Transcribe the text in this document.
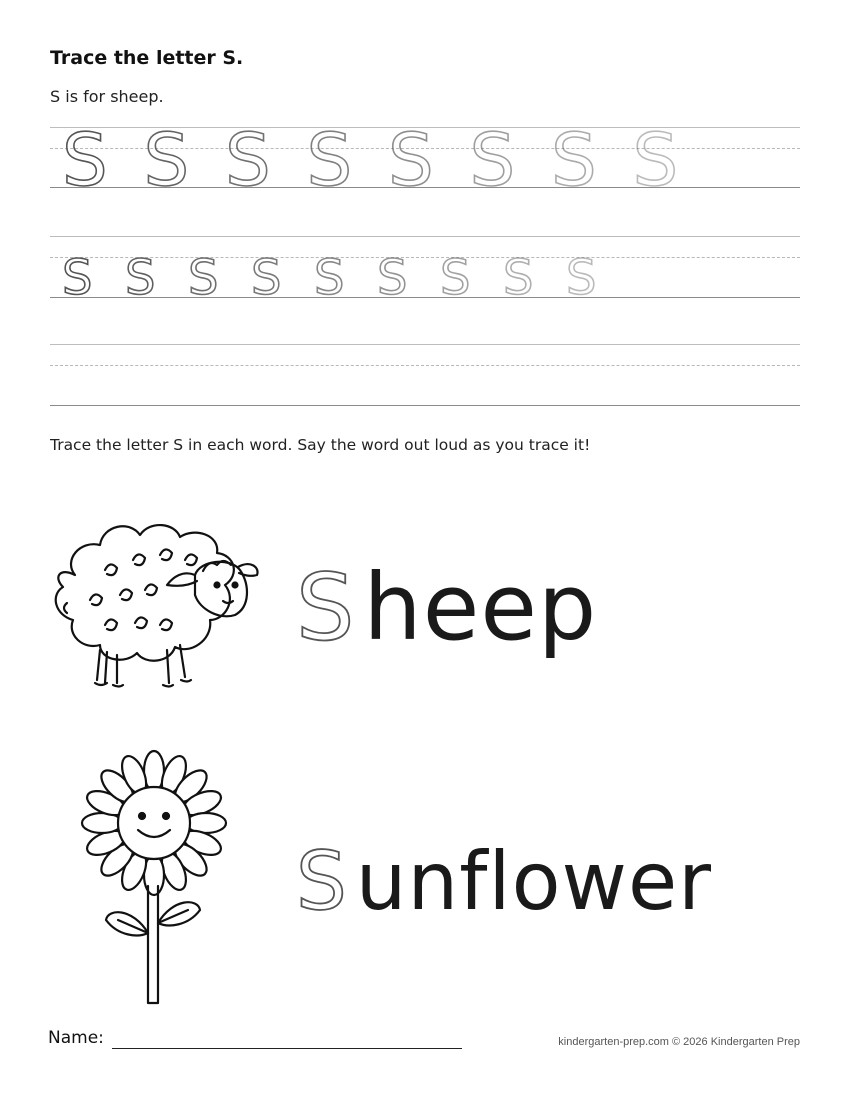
Trace the letter S.
S is for sheep.
S S S S S S S S
S S S S S S S S S
Trace the letter S in each word. Say the word out loud as you trace it!
Sheep
S unflower
Name:	kindergarten-prep.com © 2026 Kindergarten Prep
